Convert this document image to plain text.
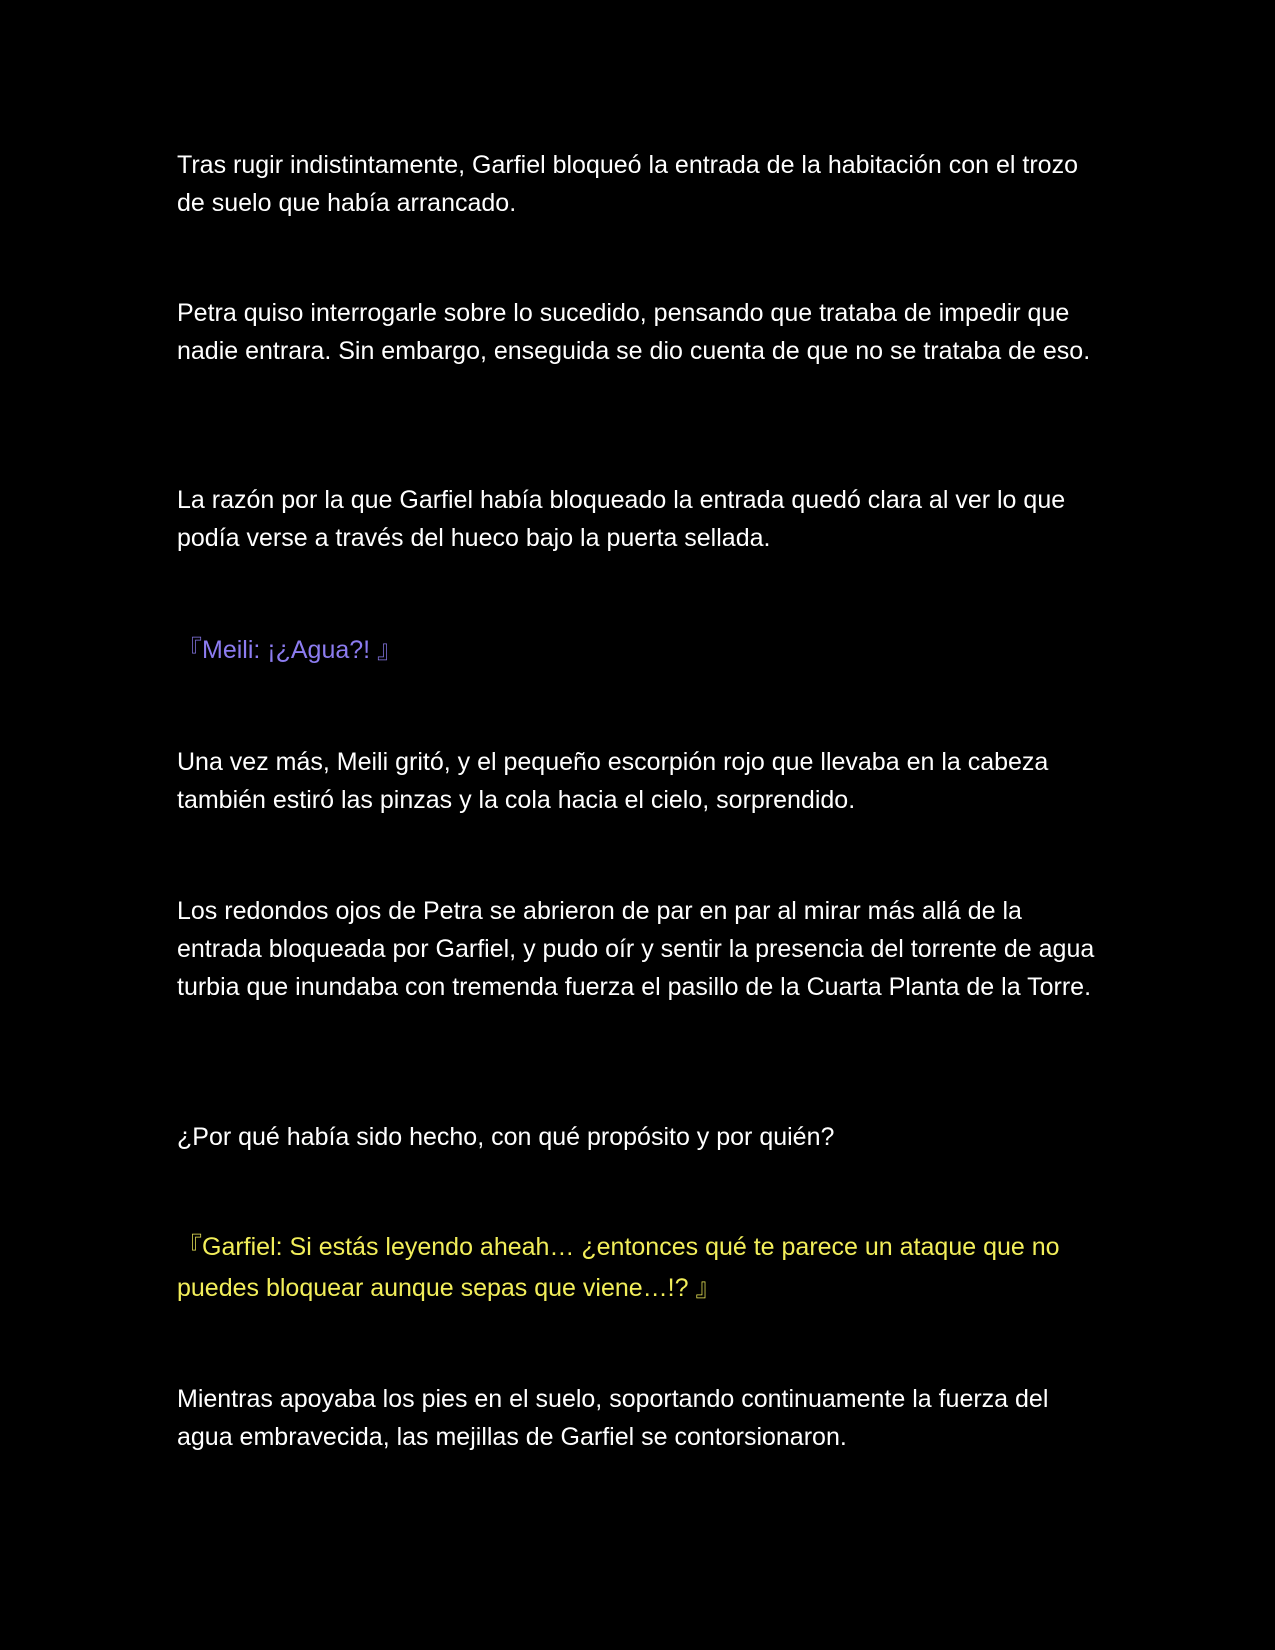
Tras rugir indistintamente, Garfiel bloqueó la entrada de la habitación con el trozo de suelo que había arrancado.

Petra quiso interrogarle sobre lo sucedido, pensando que trataba de impedir que nadie entrara. Sin embargo, enseguida se dio cuenta de que no se trataba de eso.

La razón por la que Garfiel había bloqueado la entrada quedó clara al ver lo que podía verse a través del hueco bajo la puerta sellada.

『Meili: ¡¿Agua?! 』

Una vez más, Meili gritó, y el pequeño escorpión rojo que llevaba en la cabeza también estiró las pinzas y la cola hacia el cielo, sorprendido.

Los redondos ojos de Petra se abrieron de par en par al mirar más allá de la entrada bloqueada por Garfiel, y pudo oír y sentir la presencia del torrente de agua turbia que inundaba con tremenda fuerza el pasillo de la Cuarta Planta de la Torre.

¿Por qué había sido hecho, con qué propósito y por quién?

『Garfiel: Si estás leyendo aheah… ¿entonces qué te parece un ataque que no puedes bloquear aunque sepas que viene…!? 』

Mientras apoyaba los pies en el suelo, soportando continuamente la fuerza del agua embravecida, las mejillas de Garfiel se contorsionaron.
